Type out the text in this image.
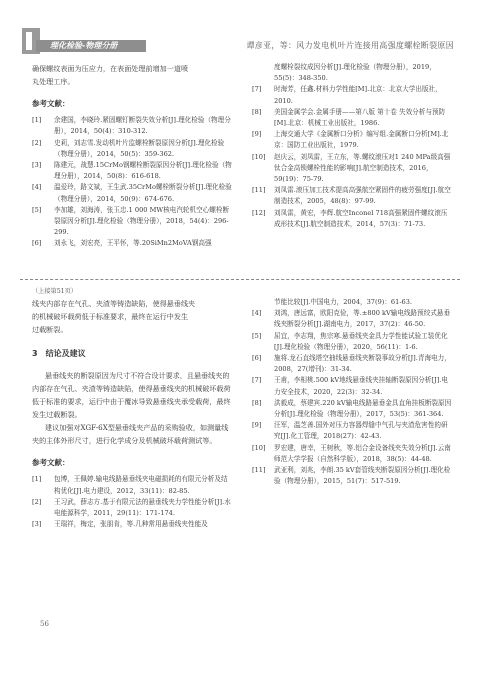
理化检验-物理分册	谭彦亚，等：风力发电机叶片连接用高强度螺栓断裂原因

确保螺纹表面为压应力，在表面处理前增加一道喷

丸处理工序。

参考文献：

[1]	余建国，李晓玲.紧固螺钉断裂失效分析[J].理化检验（物理分册），2014，50(4)：310-312.
[2]	史莉，刘志雪.发动机叶片监螺栓断裂原因分析[J].理化检验（物理分册），2014，50(5)：359-362.
[3]	陈建元，战慧.15CrMo钢螺栓断裂原因分析[J].理化检验（物理分册），2014，50(8)：616-618.
[4]	温爱玲，路文斌，王生武.35CrMo螺栓断裂分析[J].理化检验（物理分册），2014，50(9)：674-676.
[5]	李加雄，刘海涛，张玉忠.1 000 MW核电汽轮机空心螺栓断裂原因分析[J].理化检验（物理分册），2018，54(4)：296-299.
[6]	刘永飞，刘宏亮，王平怀，等.20SiMn2MoVA钢高强
度螺栓裂纹成因分析[J].理化检验（物理分册），2019，55(5)：348-350.
[7]	时海芳，任鑫.材料力学性能[M].北京：北京大学出版社，2010.
[8]	美国金属学会.金属手册——第八版 第十卷 失效分析与预防[M].北京：机械工业出版社，1986.
[9]	上海交通大学《金属断口分析》编写组.金属断口分析[M].北京：国防工业出版社，1979.
[10]	赵庆云，刘凤雷，王立东，等.螺纹滚压对1 240 MPa级高强钛合金高锁螺栓性能的影响[J].航空制造技术，2016，59(19)：75-79.
[11]	刘凤雷.滚压加工技术提高高强航空紧固件的疲劳强度[J].航空制造技术，2005，48(8)：97-99.
[12]	刘凤雷，黄宏，李辉.航空Inconel 718高强紧固件螺纹滚压成形技术[J].航空制造技术，2014，57(3)：71-73.
（上接第51页）

线夹内部存在气孔、夹渣等铸造缺陷，使得悬垂线夹

的机械破坏载荷低于标准要求，最终在运行中发生

过载断裂。

3　结论及建议

悬垂线夹的断裂原因为尺寸不符合设计要求，且悬垂线夹的内部存在气孔、夹渣等铸造缺陷，使得悬垂线夹的机械破坏载荷低于标准的要求，运行中由于覆冰导致悬垂线夹承受载荷，最终发生过载断裂。

建议加强对XGF-6X型悬垂线夹产品的采购验收，如测量线夹的主体外形尺寸，进行化学成分及机械破坏载荷测试等。

参考文献：

[1]	包博，王佩婷.输电线路悬垂线夹电磁损耗的有限元分析及结构优化[J].电力建设，2012，33(11)：82-85.
[2]	王习武，薛志方.基于有限元法的悬垂线夹力学性能分析[J].水电能源科学，2011，29(11)：171-174.
[3]	王瑞祥，梅定，张朋肯，等.几种常用悬垂线夹性能及
节能比较[J].中国电力，2004，37(9)：61-63.
[4]	刘鸿，唐远富，欧阳克俭，等.±800 kV输电线路预绞式悬垂线夹断裂分析[J].湖南电力，2017，37(2)：46-50.
[5]	屈宜，李志翔，焦宗寒.悬垂线夹金具力学性能试验工装优化[J].理化检验（物理分册），2020，56(11)：1-6.
[6]	施将.龙石直线塔空抽线悬垂线夹断裂事故分析[J].青海电力，2008，27(增刊)：31-34.
[7]	王甫，李相桃.500 kV地线悬垂线夹挂轴断裂原因分析[J].电力安全技术，2020，22(3)：32-34.
[8]	洪毅成，蔡建宾.220 kV输电线路悬垂金具直角挂板断裂原因分析[J].理化检验（物理分册），2017，53(5)：361-364.
[9]	汪军，温芝善.国外对压力容器焊缝中气孔与夹渣危害性的研究[J].化工管理，2018(27)：42-43.
[10]	罗宏建，唐幸，王树秋，等.铝合金设备线夹失效分析[J].云南师范大学学报（自然科学版），2018，38(5)：44-48.
[11]	武亚利，刘兆，李朗.35 kV套管线夹断裂原因分析[J].理化检验（物理分册），2015，51(7)：517-519.
56
